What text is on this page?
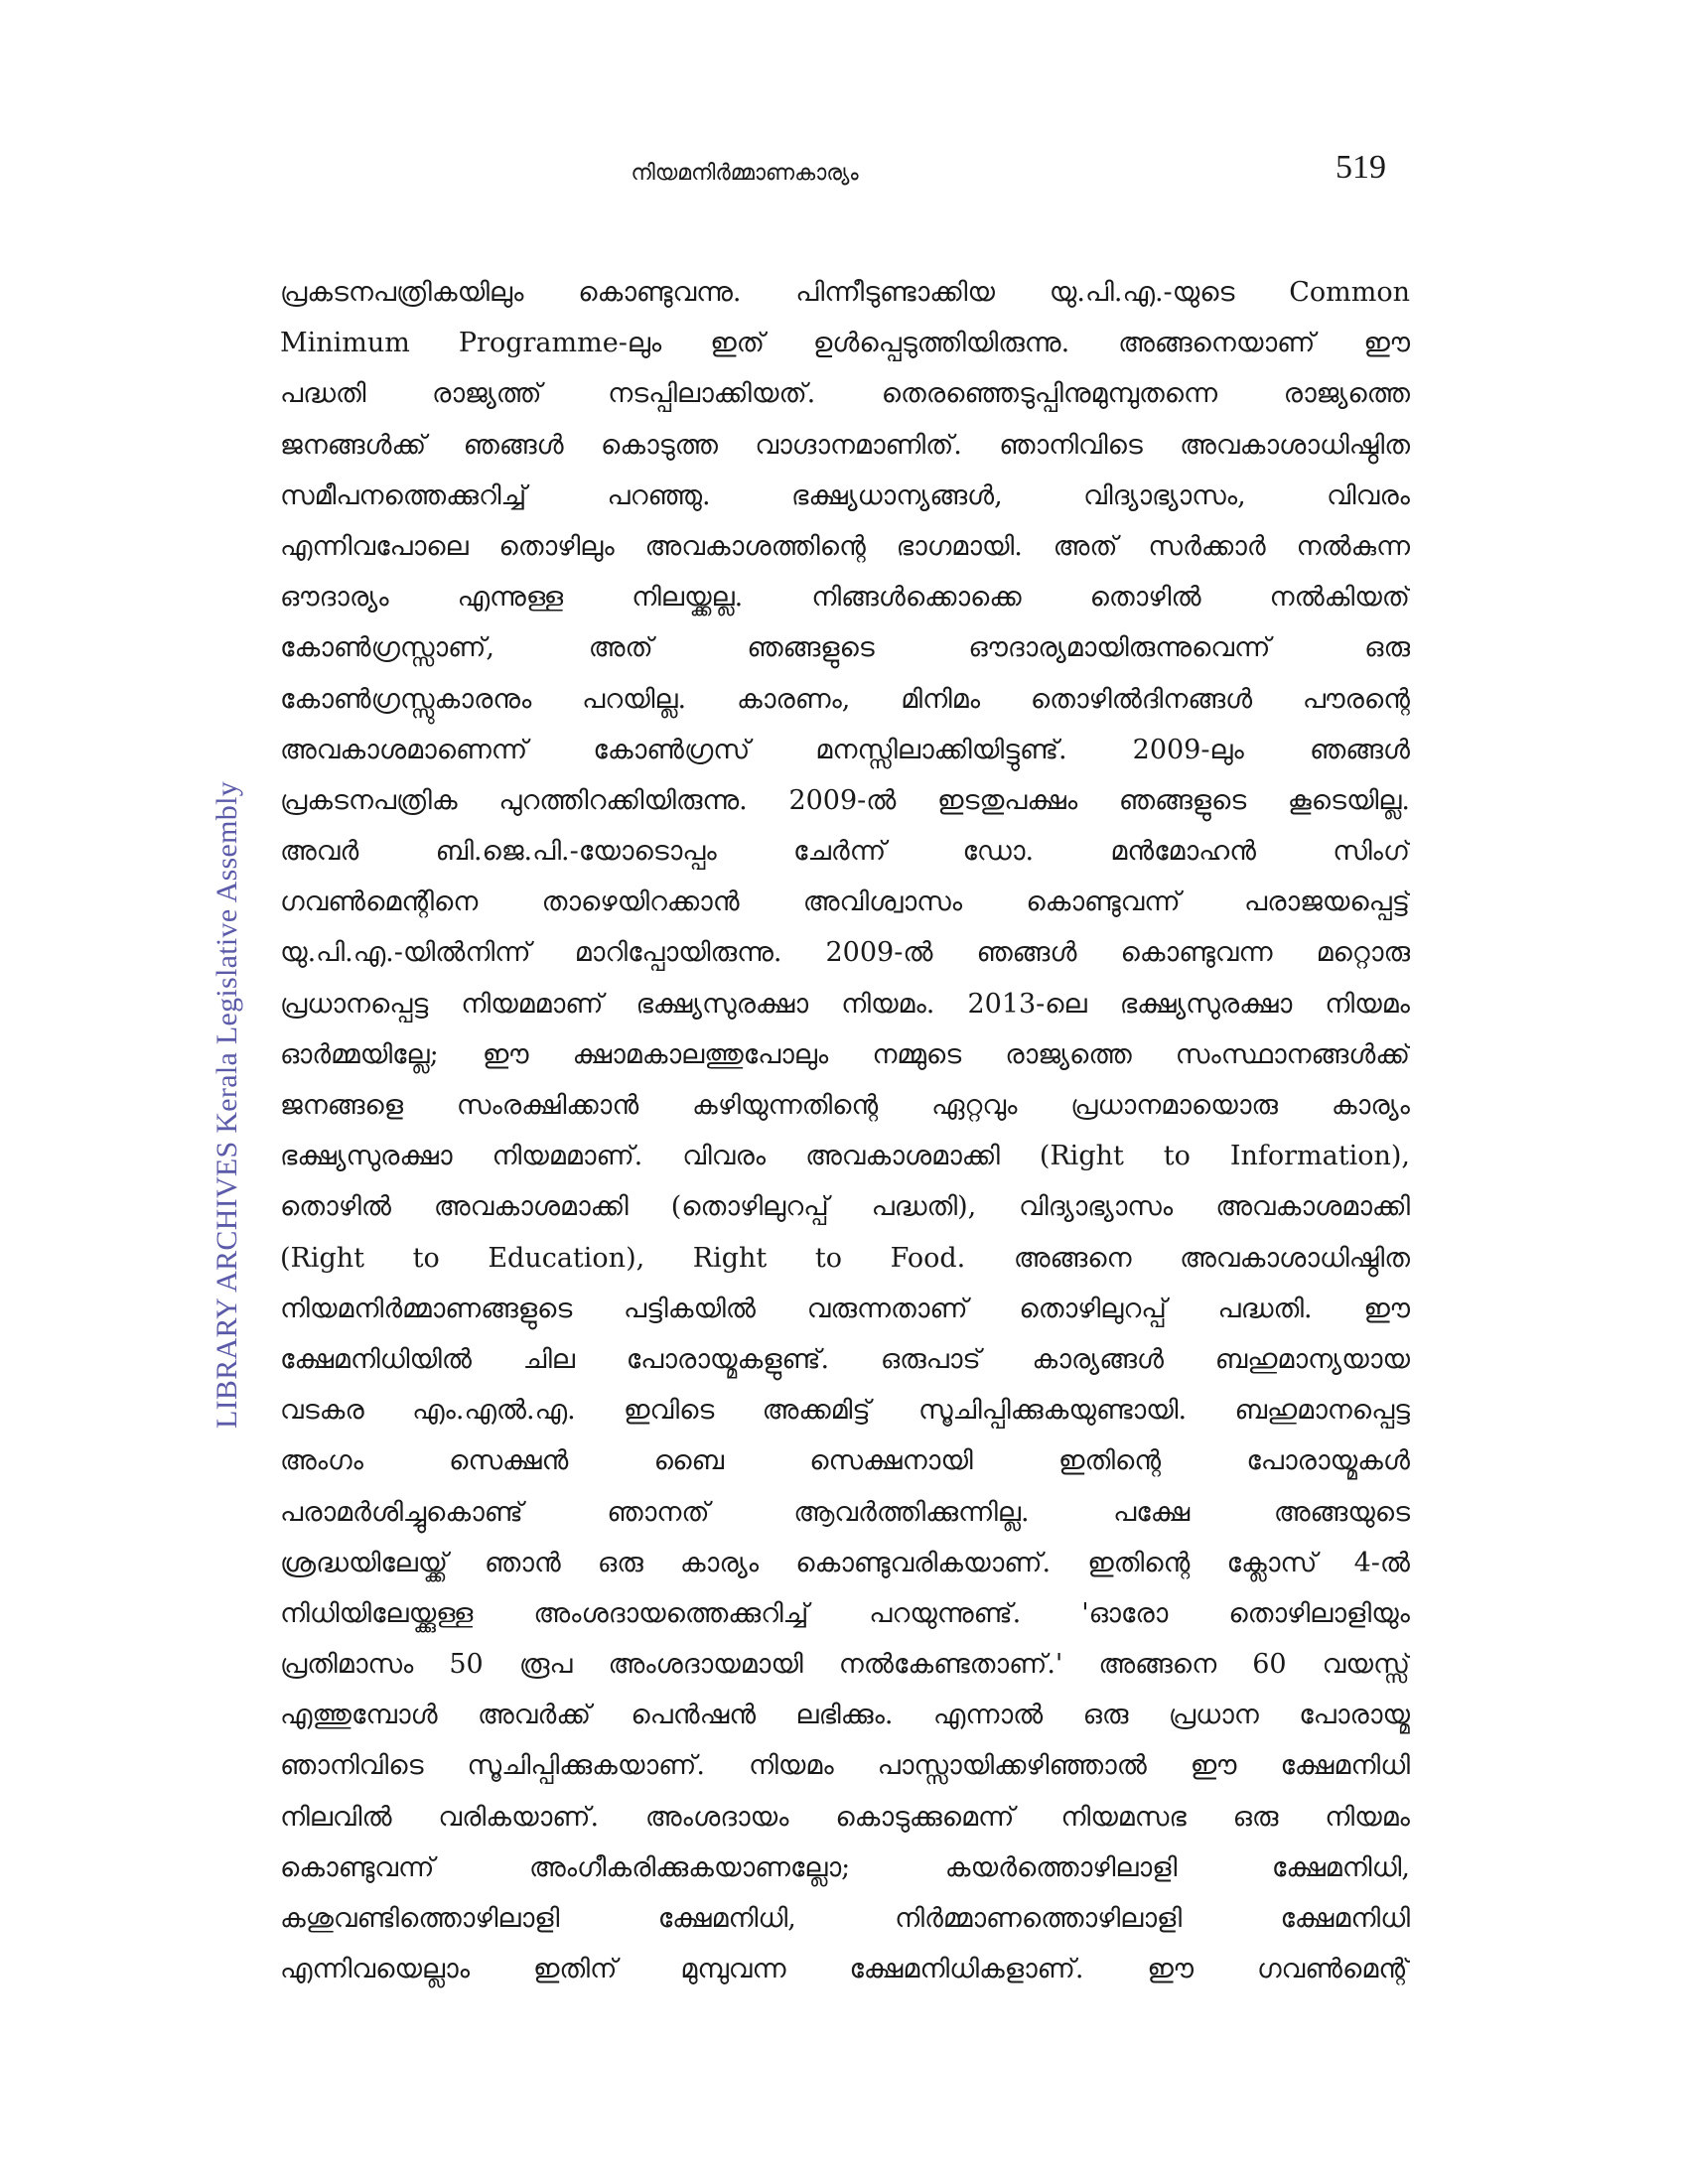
നിയമനിർമ്മാണകാര്യം	519
LIBRARY ARCHIVES Kerala Legislative Assembly
പ്രകടനപത്രികയിലും കൊണ്ടുവന്നു. പിന്നീടുണ്ടാക്കിയ യു.പി.എ.-യുടെ Common
Minimum Programme-ലും ഇത് ഉൾപ്പെടുത്തിയിരുന്നു. അങ്ങനെയാണ് ഈ
പദ്ധതി രാജ്യത്ത് നടപ്പിലാക്കിയത്. തെരഞ്ഞെടുപ്പിനുമുമ്പുതന്നെ രാജ്യത്തെ
ജനങ്ങൾക്ക് ഞങ്ങൾ കൊടുത്ത വാഗ്ദാനമാണിത്. ഞാനിവിടെ അവകാശാധിഷ്ഠിത
സമീപനത്തെക്കുറിച്ച് പറഞ്ഞു. ഭക്ഷ്യധാന്യങ്ങൾ, വിദ്യാഭ്യാസം, വിവരം
എന്നിവപോലെ തൊഴിലും അവകാശത്തിന്റെ ഭാഗമായി. അത് സർക്കാർ നൽകുന്ന
ഔദാര്യം എന്നുള്ള നിലയ്ക്കല്ല. നിങ്ങൾക്കൊക്കെ തൊഴിൽ നൽകിയത്
കോൺഗ്രസ്സാണ്, അത് ഞങ്ങളുടെ ഔദാര്യമായിരുന്നുവെന്ന് ഒരു
കോൺഗ്രസ്സുകാരനും പറയില്ല. കാരണം, മിനിമം തൊഴിൽദിനങ്ങൾ പൗരന്റെ
അവകാശമാണെന്ന് കോൺഗ്രസ് മനസ്സിലാക്കിയിട്ടുണ്ട്. 2009-ലും ഞങ്ങൾ
പ്രകടനപത്രിക പുറത്തിറക്കിയിരുന്നു. 2009-ൽ ഇടതുപക്ഷം ഞങ്ങളുടെ കൂടെയില്ല.
അവർ ബി.ജെ.പി.-യോടൊപ്പം ചേർന്ന് ഡോ. മൻമോഹൻ സിംഗ്
ഗവൺമെന്റിനെ താഴെയിറക്കാൻ അവിശ്വാസം കൊണ്ടുവന്ന് പരാജയപ്പെട്ട്
യു.പി.എ.-യിൽനിന്ന് മാറിപ്പോയിരുന്നു. 2009-ൽ ഞങ്ങൾ കൊണ്ടുവന്ന മറ്റൊരു
പ്രധാനപ്പെട്ട നിയമമാണ് ഭക്ഷ്യസുരക്ഷാ നിയമം. 2013-ലെ ഭക്ഷ്യസുരക്ഷാ നിയമം
ഓർമ്മയില്ലേ; ഈ ക്ഷാമകാലത്തുപോലും നമ്മുടെ രാജ്യത്തെ സംസ്ഥാനങ്ങൾക്ക്
ജനങ്ങളെ സംരക്ഷിക്കാൻ കഴിയുന്നതിന്റെ ഏറ്റവും പ്രധാനമായൊരു കാര്യം
ഭക്ഷ്യസുരക്ഷാ നിയമമാണ്. വിവരം അവകാശമാക്കി (Right to Information),
തൊഴിൽ അവകാശമാക്കി (തൊഴിലുറപ്പ് പദ്ധതി), വിദ്യാഭ്യാസം അവകാശമാക്കി
(Right to Education), Right to Food. അങ്ങനെ അവകാശാധിഷ്ഠിത
നിയമനിർമ്മാണങ്ങളുടെ പട്ടികയിൽ വരുന്നതാണ് തൊഴിലുറപ്പ് പദ്ധതി. ഈ
ക്ഷേമനിധിയിൽ ചില പോരായ്മകളുണ്ട്. ഒരുപാട് കാര്യങ്ങൾ ബഹുമാന്യയായ
വടകര എം.എൽ.എ. ഇവിടെ അക്കമിട്ട് സൂചിപ്പിക്കുകയുണ്ടായി. ബഹുമാനപ്പെട്ട
അംഗം സെക്ഷൻ ബൈ സെക്ഷനായി ഇതിന്റെ പോരായ്മകൾ
പരാമർശിച്ചുകൊണ്ട് ഞാനത് ആവർത്തിക്കുന്നില്ല. പക്ഷേ അങ്ങയുടെ
ശ്രദ്ധയിലേയ്ക്ക് ഞാൻ ഒരു കാര്യം കൊണ്ടുവരികയാണ്. ഇതിന്റെ ക്ലോസ് 4-ൽ
നിധിയിലേയ്ക്കുള്ള അംശദായത്തെക്കുറിച്ച് പറയുന്നുണ്ട്. 'ഓരോ തൊഴിലാളിയും
പ്രതിമാസം 50 രൂപ അംശദായമായി നൽകേണ്ടതാണ്.' അങ്ങനെ 60 വയസ്സ്
എത്തുമ്പോൾ അവർക്ക് പെൻഷൻ ലഭിക്കും. എന്നാൽ ഒരു പ്രധാന പോരായ്മ
ഞാനിവിടെ സൂചിപ്പിക്കുകയാണ്. നിയമം പാസ്സായിക്കഴിഞ്ഞാൽ ഈ ക്ഷേമനിധി
നിലവിൽ വരികയാണ്. അംശദായം കൊടുക്കുമെന്ന് നിയമസഭ ഒരു നിയമം
കൊണ്ടുവന്ന് അംഗീകരിക്കുകയാണല്ലോ; കയർത്തൊഴിലാളി ക്ഷേമനിധി,
കശുവണ്ടിത്തൊഴിലാളി ക്ഷേമനിധി, നിർമ്മാണത്തൊഴിലാളി ക്ഷേമനിധി
എന്നിവയെല്ലാം ഇതിന് മുമ്പുവന്ന ക്ഷേമനിധികളാണ്. ഈ ഗവൺമെന്റ്
